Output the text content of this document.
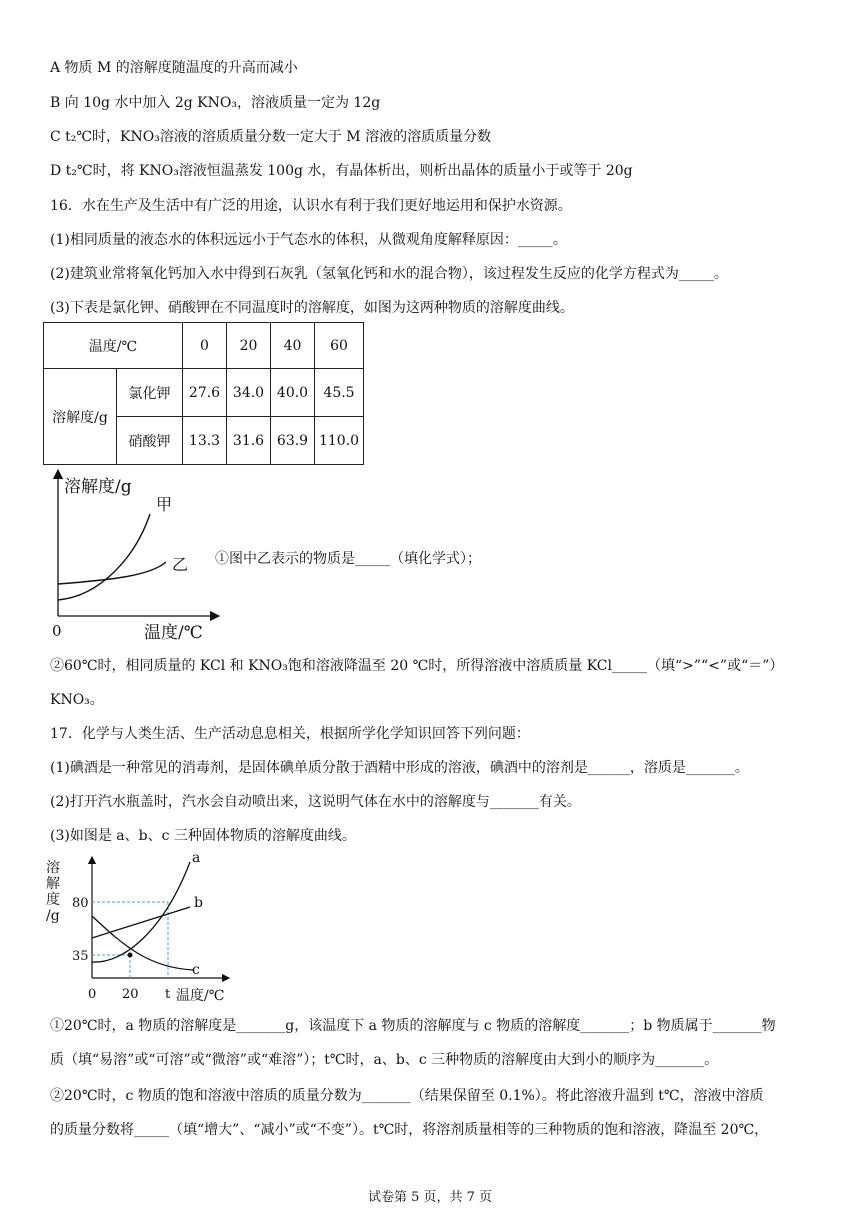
A 物质 M 的溶解度随温度的升高而减小
B 向 10g 水中加入 2g KNO₃，溶液质量一定为 12g
C t₂℃时，KNO₃溶液的溶质质量分数一定大于 M 溶液的溶质质量分数
D t₂℃时，将 KNO₃溶液恒温蒸发 100g 水，有晶体析出，则析出晶体的质量小于或等于 20g
16．水在生产及生活中有广泛的用途，认识水有利于我们更好地运用和保护水资源。
(1)相同质量的液态水的体积远远小于气态水的体积，从微观角度解释原因：_____。
(2)建筑业常将氧化钙加入水中得到石灰乳（氢氧化钙和水的混合物），该过程发生反应的化学方程式为_____。
(3)下表是氯化钾、硝酸钾在不同温度时的溶解度，如图为这两种物质的溶解度曲线。
温度/℃		0	20	40	60
溶解度/g	氯化钾	27.6	34.0	40.0	45.5
	硝酸钾	13.3	31.6	63.9	110.0
溶解度/g
甲
乙
0	温度/℃
①图中乙表示的物质是_____（填化学式）；
②60℃时，相同质量的 KCl 和 KNO₃饱和溶液降温至 20 ℃时，所得溶液中溶质质量 KCl_____（填“>”“<”或“＝”）
KNO₃。
17．化学与人类生活、生产活动息息相关，根据所学化学知识回答下列问题：
(1)碘酒是一种常见的消毒剂，是固体碘单质分散于酒精中形成的溶液，碘酒中的溶剂是______，溶质是_______。
(2)打开汽水瓶盖时，汽水会自动喷出来，这说明气体在水中的溶解度与_______有关。
(3)如图是 a、b、c 三种固体物质的溶解度曲线。
溶
解
度
/g
80
35
0 20 t 温度/℃
a
b
c
①20℃时，a 物质的溶解度是_______g，该温度下 a 物质的溶解度与 c 物质的溶解度_______；b 物质属于_______物
质（填“易溶”或“可溶”或“微溶”或“难溶”）；t℃时，a、b、c 三种物质的溶解度由大到小的顺序为_______。
②20℃时，c 物质的饱和溶液中溶质的质量分数为_______（结果保留至 0.1%）。将此溶液升温到 t℃，溶液中溶质
的质量分数将_____（填“增大”、“减小”或“不变”）。t℃时，将溶剂质量相等的三种物质的饱和溶液，降温至 20℃，
试卷第 5 页，共 7 页
